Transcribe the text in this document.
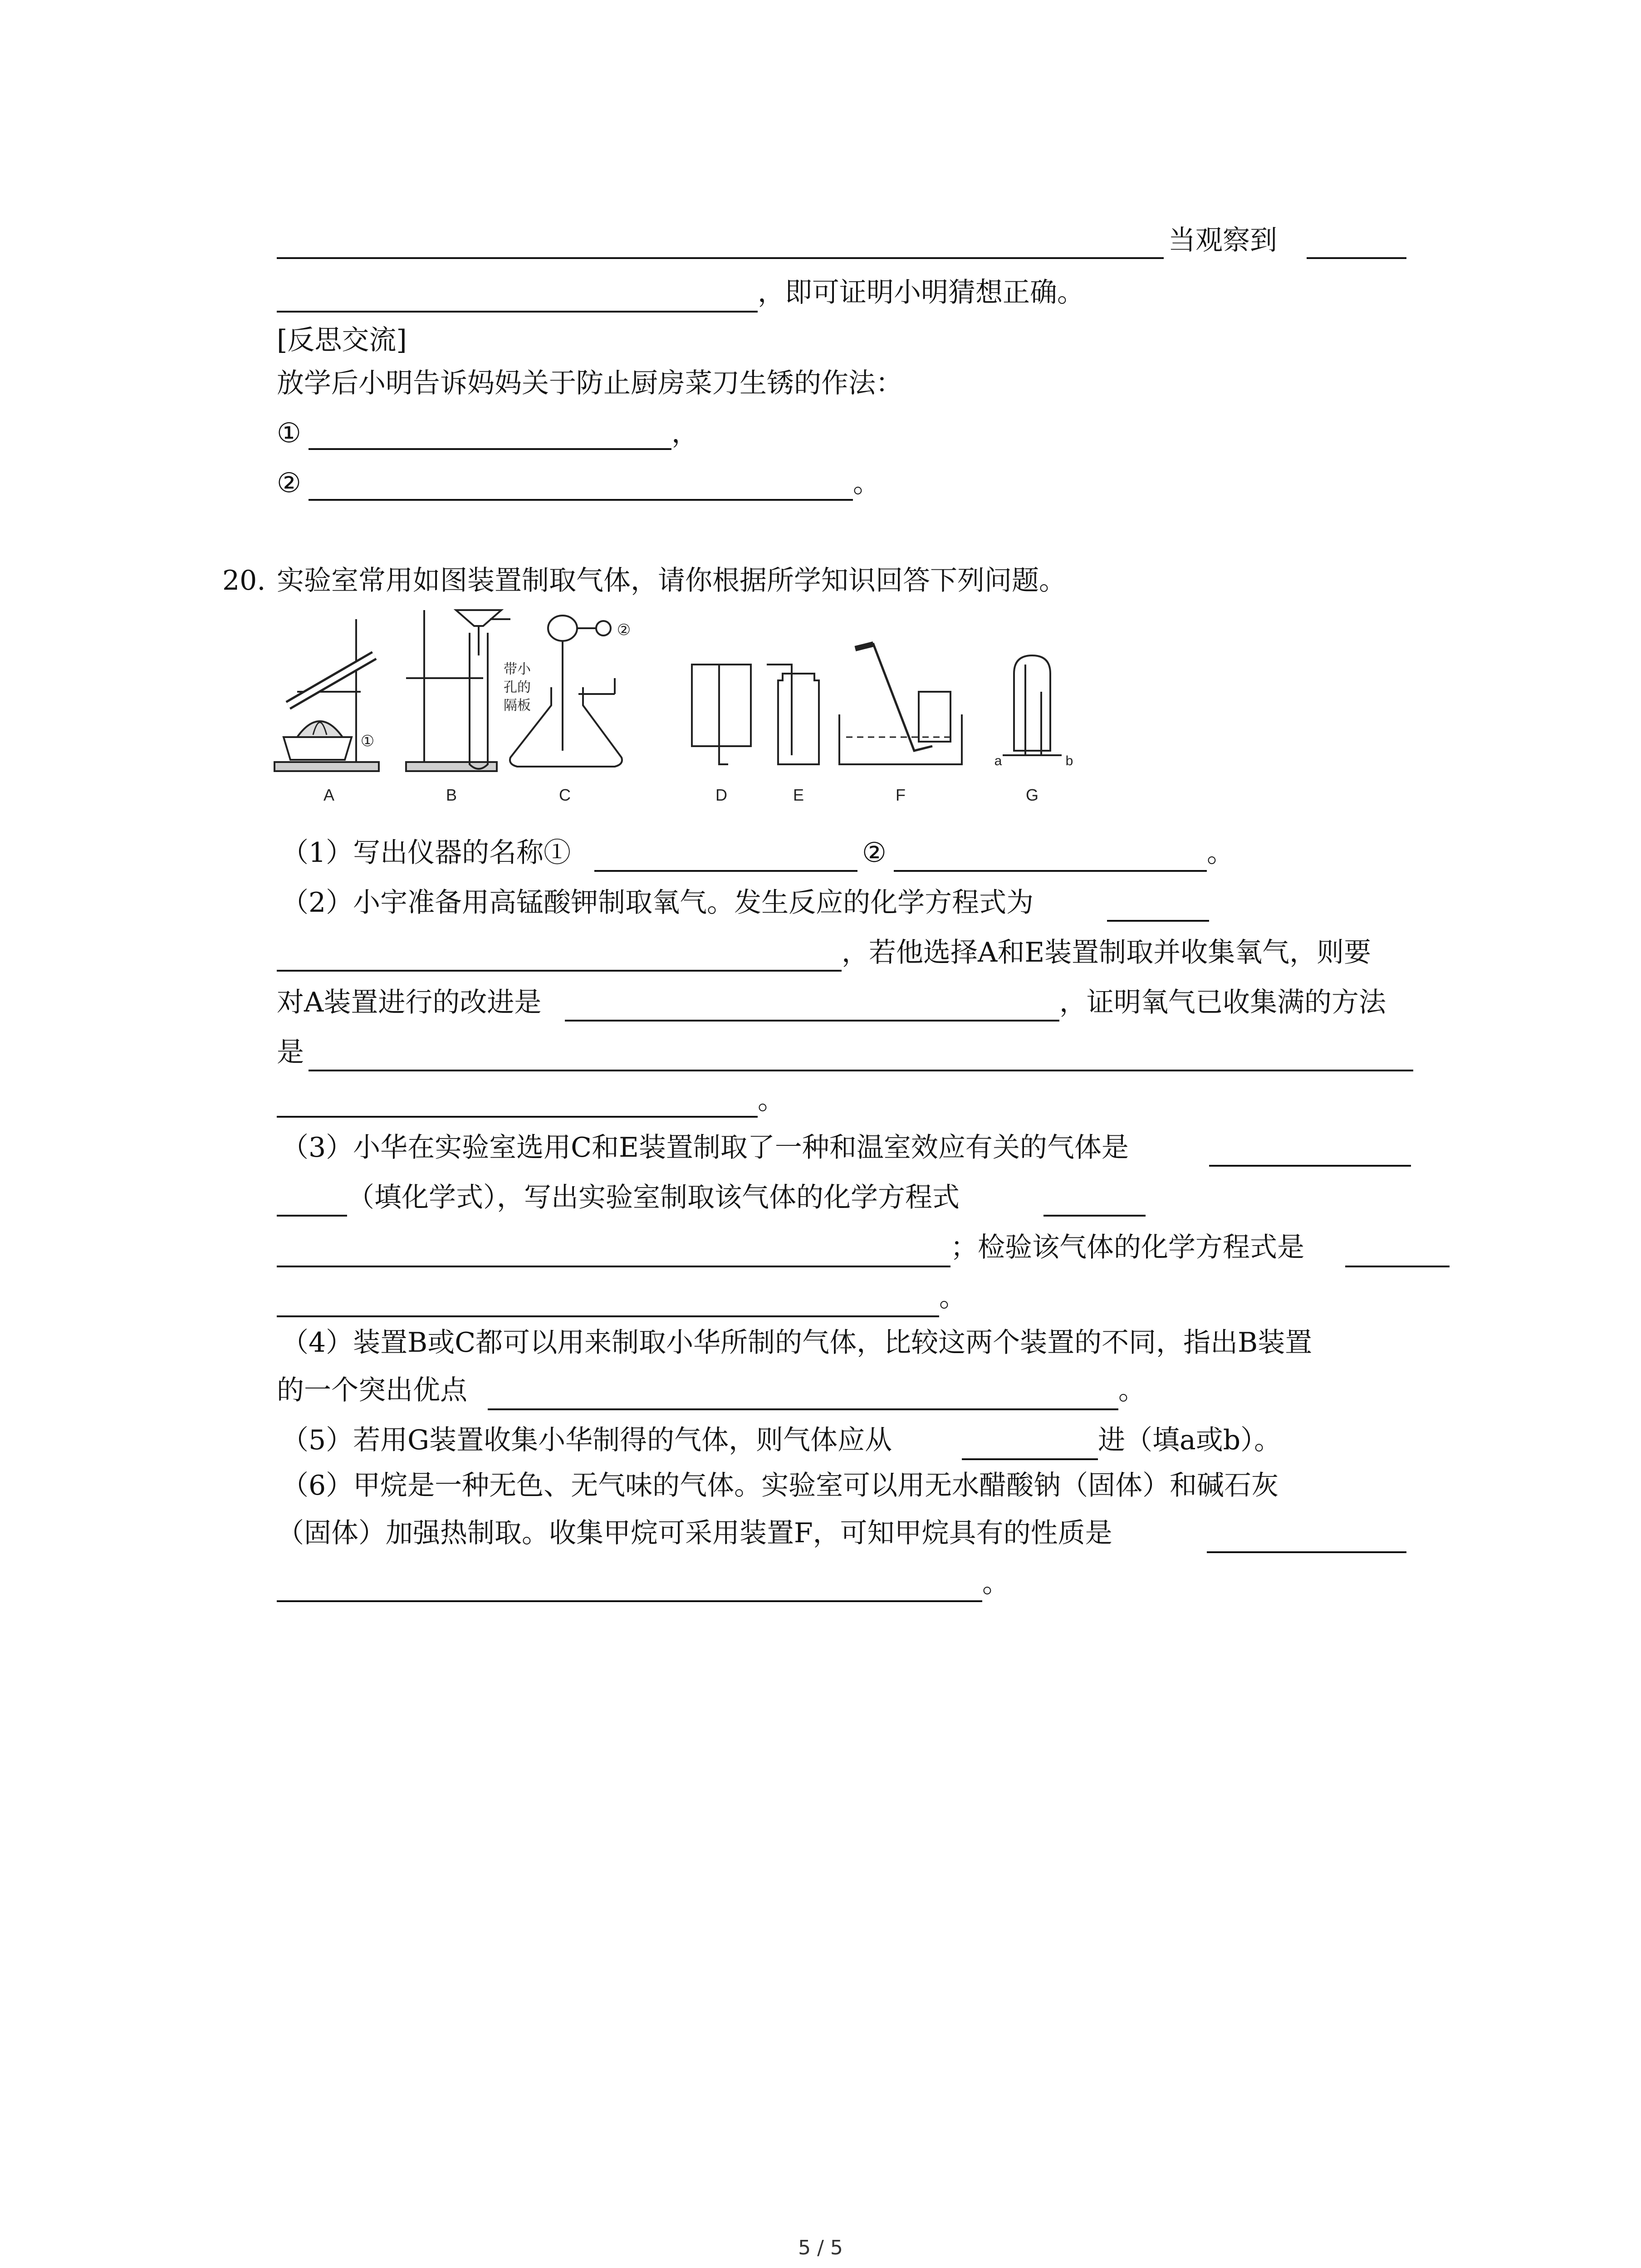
当观察到
，即可证明小明猜想正确。
[反思交流]
放学后小明告诉妈妈关于防止厨房菜刀生锈的作法：
①	，
②	。
20. 实验室常用如图装置制取气体，请你根据所学知识回答下列问题。
A	B	C	D	E	F	G
①
②
带小
孔的
隔板
a	b
（1）写出仪器的名称①	②	。
（2）小宇准备用高锰酸钾制取氧气。发生反应的化学方程式为
，若他选择A和E装置制取并收集氧气，则要
对A装置进行的改进是	，证明氧气已收集满的方法
是
。
（3）小华在实验室选用C和E装置制取了一种和温室效应有关的气体是
（填化学式），写出实验室制取该气体的化学方程式
；检验该气体的化学方程式是
。
（4）装置B或C都可以用来制取小华所制的气体，比较这两个装置的不同，指出B装置
的一个突出优点	。
（5）若用G装置收集小华制得的气体，则气体应从	进（填a或b）。
（6）甲烷是一种无色、无气味的气体。实验室可以用无水醋酸钠（固体）和碱石灰
（固体）加强热制取。收集甲烷可采用装置F，可知甲烷具有的性质是
。
5 / 5
